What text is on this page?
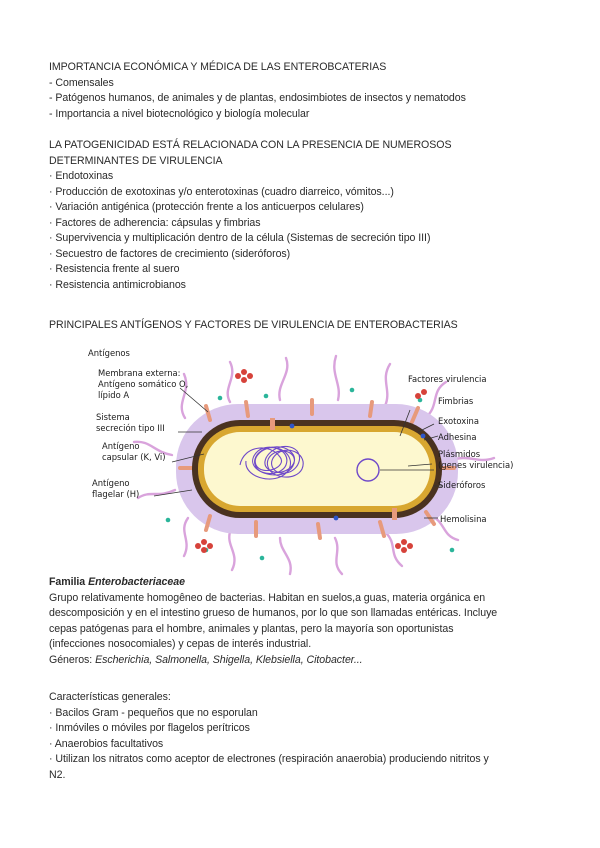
IMPORTANCIA ECONÓMICA Y MÉDICA DE LAS ENTEROBCATERIAS
- Comensales
- Patógenos humanos, de animales y de plantas, endosimbiotes de insectos y nematodos
- Importancia a nivel biotecnológico y biología molecular
LA PATOGENICIDAD ESTÁ RELACIONADA CON LA PRESENCIA DE NUMEROSOS
DETERMINANTES DE VIRULENCIA
· Endotoxinas
· Producción de exotoxinas y/o enterotoxinas (cuadro diarreico, vómitos...)
· Variación antigénica (protección frente a los anticuerpos celulares)
· Factores de adherencia: cápsulas y fimbrias
· Supervivencia y multiplicación dentro de la célula (Sistemas de secreción tipo III)
· Secuestro de factores de crecimiento (sideróforos)
· Resistencia frente al suero
· Resistencia antimicrobianos
PRINCIPALES ANTÍGENOS Y FACTORES DE VIRULENCIA DE ENTEROBACTERIAS
Antígenos
Membrana externa:
Antígeno somático O,
lípido A
Sistema
secreción tipo III
Antígeno
capsular (K, Vi)
Antígeno
flagelar (H)
Factores virulencia
Fimbrias
Exotoxina
Adhesina
Plásmidos
(genes virulencia)
Sideróforos
Hemolisina
Familia Enterobacteriaceae
Grupo relativamente homogêneo de bacterias. Habitan en suelos,a guas, materia orgánica en
descomposición y en el intestino grueso de humanos, por lo que son llamadas entéricas. Incluye
cepas patógenas para el hombre, animales y plantas, pero la mayoría son oportunistas
(infecciones nosocomiales) y cepas de interés industrial.
Géneros: Escherichia, Salmonella, Shigella, Klebsiella, Citobacter...
Características generales:
· Bacilos Gram - pequeños que no esporulan
· Inmóviles o móviles por flagelos perítricos
· Anaerobios facultativos
· Utilizan los nitratos como aceptor de electrones (respiración anaerobia) produciendo nitritos y
N2.
